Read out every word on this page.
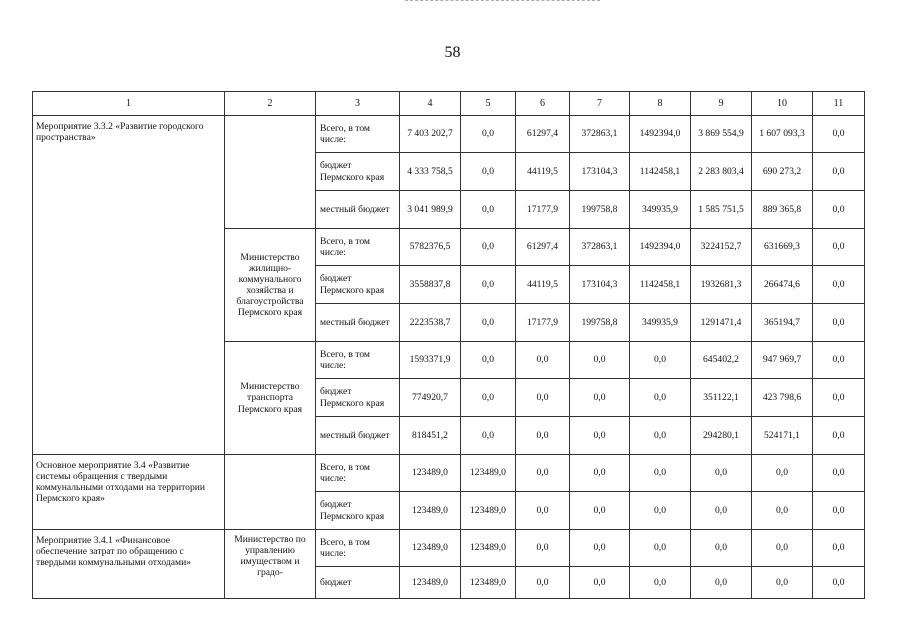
58
1	2	3	4	5	6	7	8	9	10	11
Мероприятие 3.3.2 «Развитие городского пространства»		Всего, в том числе:	7 403 202,7	0,0	61297,4	372863,1	1492394,0	3 869 554,9	1 607 093,3	0,0
		бюджет Пермского края	4 333 758,5	0,0	44119,5	173104,3	1142458,1	2 283 803,4	690 273,2	0,0
		местный бюджет	3 041 989,9	0,0	17177,9	199758,8	349935,9	1 585 751,5	889 365,8	0,0
	Министерство жилищно-коммунального хозяйства и благоустройства Пермского края	Всего, в том числе:	5782376,5	0,0	61297,4	372863,1	1492394,0	3224152,7	631669,3	0,0
		бюджет Пермского края	3558837,8	0,0	44119,5	173104,3	1142458,1	1932681,3	266474,6	0,0
		местный бюджет	2223538,7	0,0	17177,9	199758,8	349935,9	1291471,4	365194,7	0,0
	Министерство транспорта Пермского края	Всего, в том числе:	1593371,9	0,0	0,0	0,0	0,0	645402,2	947 969,7	0,0
		бюджет Пермского края	774920,7	0,0	0,0	0,0	0,0	351122,1	423 798,6	0,0
		местный бюджет	818451,2	0,0	0,0	0,0	0,0	294280,1	524171,1	0,0
Основное мероприятие 3.4 «Развитие системы обращения с твердыми коммунальными отходами на территории Пермского края»		Всего, в том числе:	123489,0	123489,0	0,0	0,0	0,0	0,0	0,0	0,0
		бюджет Пермского края	123489,0	123489,0	0,0	0,0	0,0	0,0	0,0	0,0
Мероприятие 3.4.1 «Финансовое обеспечение затрат по обращению с твердыми коммунальными отходами»	Министерство по управлению имуществом и градо-	Всего, в том числе:	123489,0	123489,0	0,0	0,0	0,0	0,0	0,0	0,0
		бюджет	123489,0	123489,0	0,0	0,0	0,0	0,0	0,0	0,0
